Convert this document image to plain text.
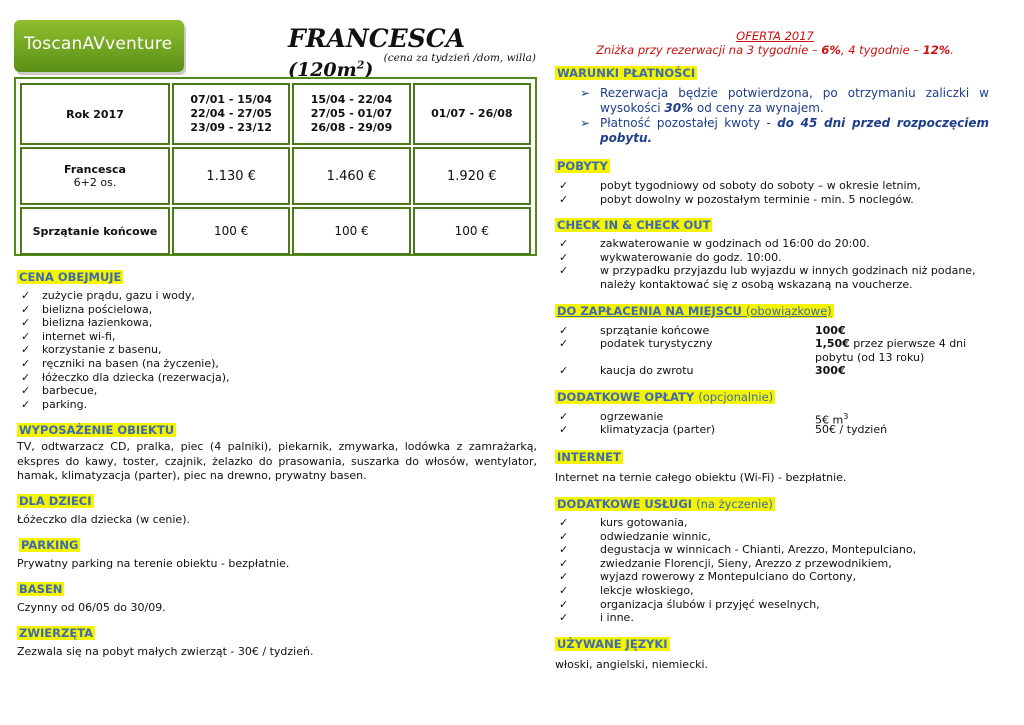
ToscanAVventure	FRANCESCA $(120m^2)$
(cena za tydzień /dom, willa)
Rok 2017	07/01 - 15/04
22/04 - 27/05
23/09 - 23/12	15/04 - 22/04
27/05 - 01/07
26/08 - 29/09	01/07 - 26/08

Francesca
6+2 os.	1.130 €	1.460 €	1.920 €
Sprzątanie końcowe	100 €	100 €	100 €
CENA OBEJMUJE
✓ zużycie prądu, gazu i wody,
✓ bielizna pościelowa,
✓ bielizna łazienkowa,
✓ internet wi-fi,
✓ korzystanie z basenu,
✓ ręczniki na basen (na życzenie),
✓ łóżeczko dla dziecka (rezerwacja),
✓ barbecue,
✓ parking.
WYPOSAŻENIE OBIEKTU
TV, odtwarzacz CD, pralka, piec (4 palniki), piekarnik, zmywarka, lodówka z zamrażarką, ekspres do kawy, toster, czajnik, żelazko do prasowania, suszarka do włosów, wentylator, hamak, klimatyzacja (parter), piec na drewno, prywatny basen.
DLA DZIECI
Łóżeczko dla dziecka (w cenie).
PARKING
Prywatny parking na terenie obiektu - bezpłatnie.
BASEN
Czynny od 06/05 do 30/09.
ZWIERZĘTA
Zezwala się na pobyt małych zwierząt - 30€ / tydzień.
OFERTA 2017
Zniżka przy rezerwacji na 3 tygodnie – 6%, 4 tygodnie – 12%.
WARUNKI PŁATNOŚCI
➢ Rezerwacja będzie potwierdzona, po otrzymaniu zaliczki w wysokości 30% od ceny za wynajem.
➢ Płatność pozostałej kwoty - do 45 dni przed rozpoczęciem pobytu.
POBYTY
✓ pobyt tygodniowy od soboty do soboty – w okresie letnim,
✓ pobyt dowolny w pozostałym terminie - min. 5 noclegów.
CHECK IN & CHECK OUT
✓ zakwaterowanie w godzinach od 16:00 do 20:00.
✓ wykwaterowanie do godz. 10:00.
✓ w przypadku przyjazdu lub wyjazdu w innych godzinach niż podane, należy kontaktować się z osobą wskazaną na voucherze.
DO ZAPŁACENIA NA MIEJSCU (obowiązkowe)
✓ sprzątanie końcowe	100€
✓ podatek turystyczny	1,50€ przez pierwsze 4 dni
pobytu (od 13 roku)
✓ kaucja do zwrotu	300€
DODATKOWE OPŁATY (opcjonalnie)
✓ ogrzewanie	5€ $m^3$
✓ klimatyzacja (parter)	50€ / tydzień
INTERNET
Internet na ternie całego obiektu (Wi-Fi) - bezpłatnie.
DODATKOWE USŁUGI (na życzenie)
✓ kurs gotowania,
✓ odwiedzanie winnic,
✓ degustacja w winnicach - Chianti, Arezzo, Montepulciano,
✓ zwiedzanie Florencji, Sieny, Arezzo z przewodnikiem,
✓ wyjazd rowerowy z Montepulciano do Cortony,
✓ lekcje włoskiego,
✓ organizacja ślubów i przyjęć weselnych,
✓ i inne.
UŻYWANE JĘZYKI
włoski, angielski, niemiecki.
